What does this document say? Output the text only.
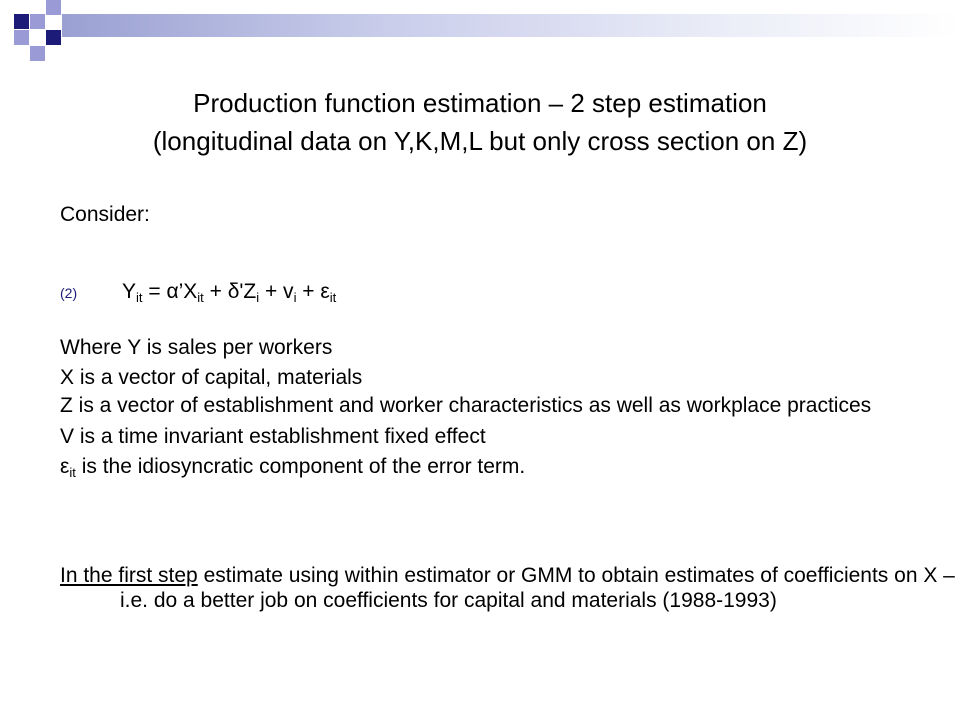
Production function estimation – 2 step estimation
(longitudinal data on Y,K,M,L but only cross section on Z)
Consider:
(2) $Y_{it}$ = $\alpha’X_{it} + \delta'Z_i + v_i + \varepsilon_{it}$
Where Y is sales per workers
X is a vector of capital, materials
Z is a vector of establishment and worker characteristics as well as workplace practices
V is a time invariant establishment fixed effect
$\varepsilon_{it}$ is the idiosyncratic component of the error term.
In the first step estimate using within estimator or GMM to obtain estimates of coefficients on X – i.e. do a better job on coefficients for capital and materials (1988-1993)
